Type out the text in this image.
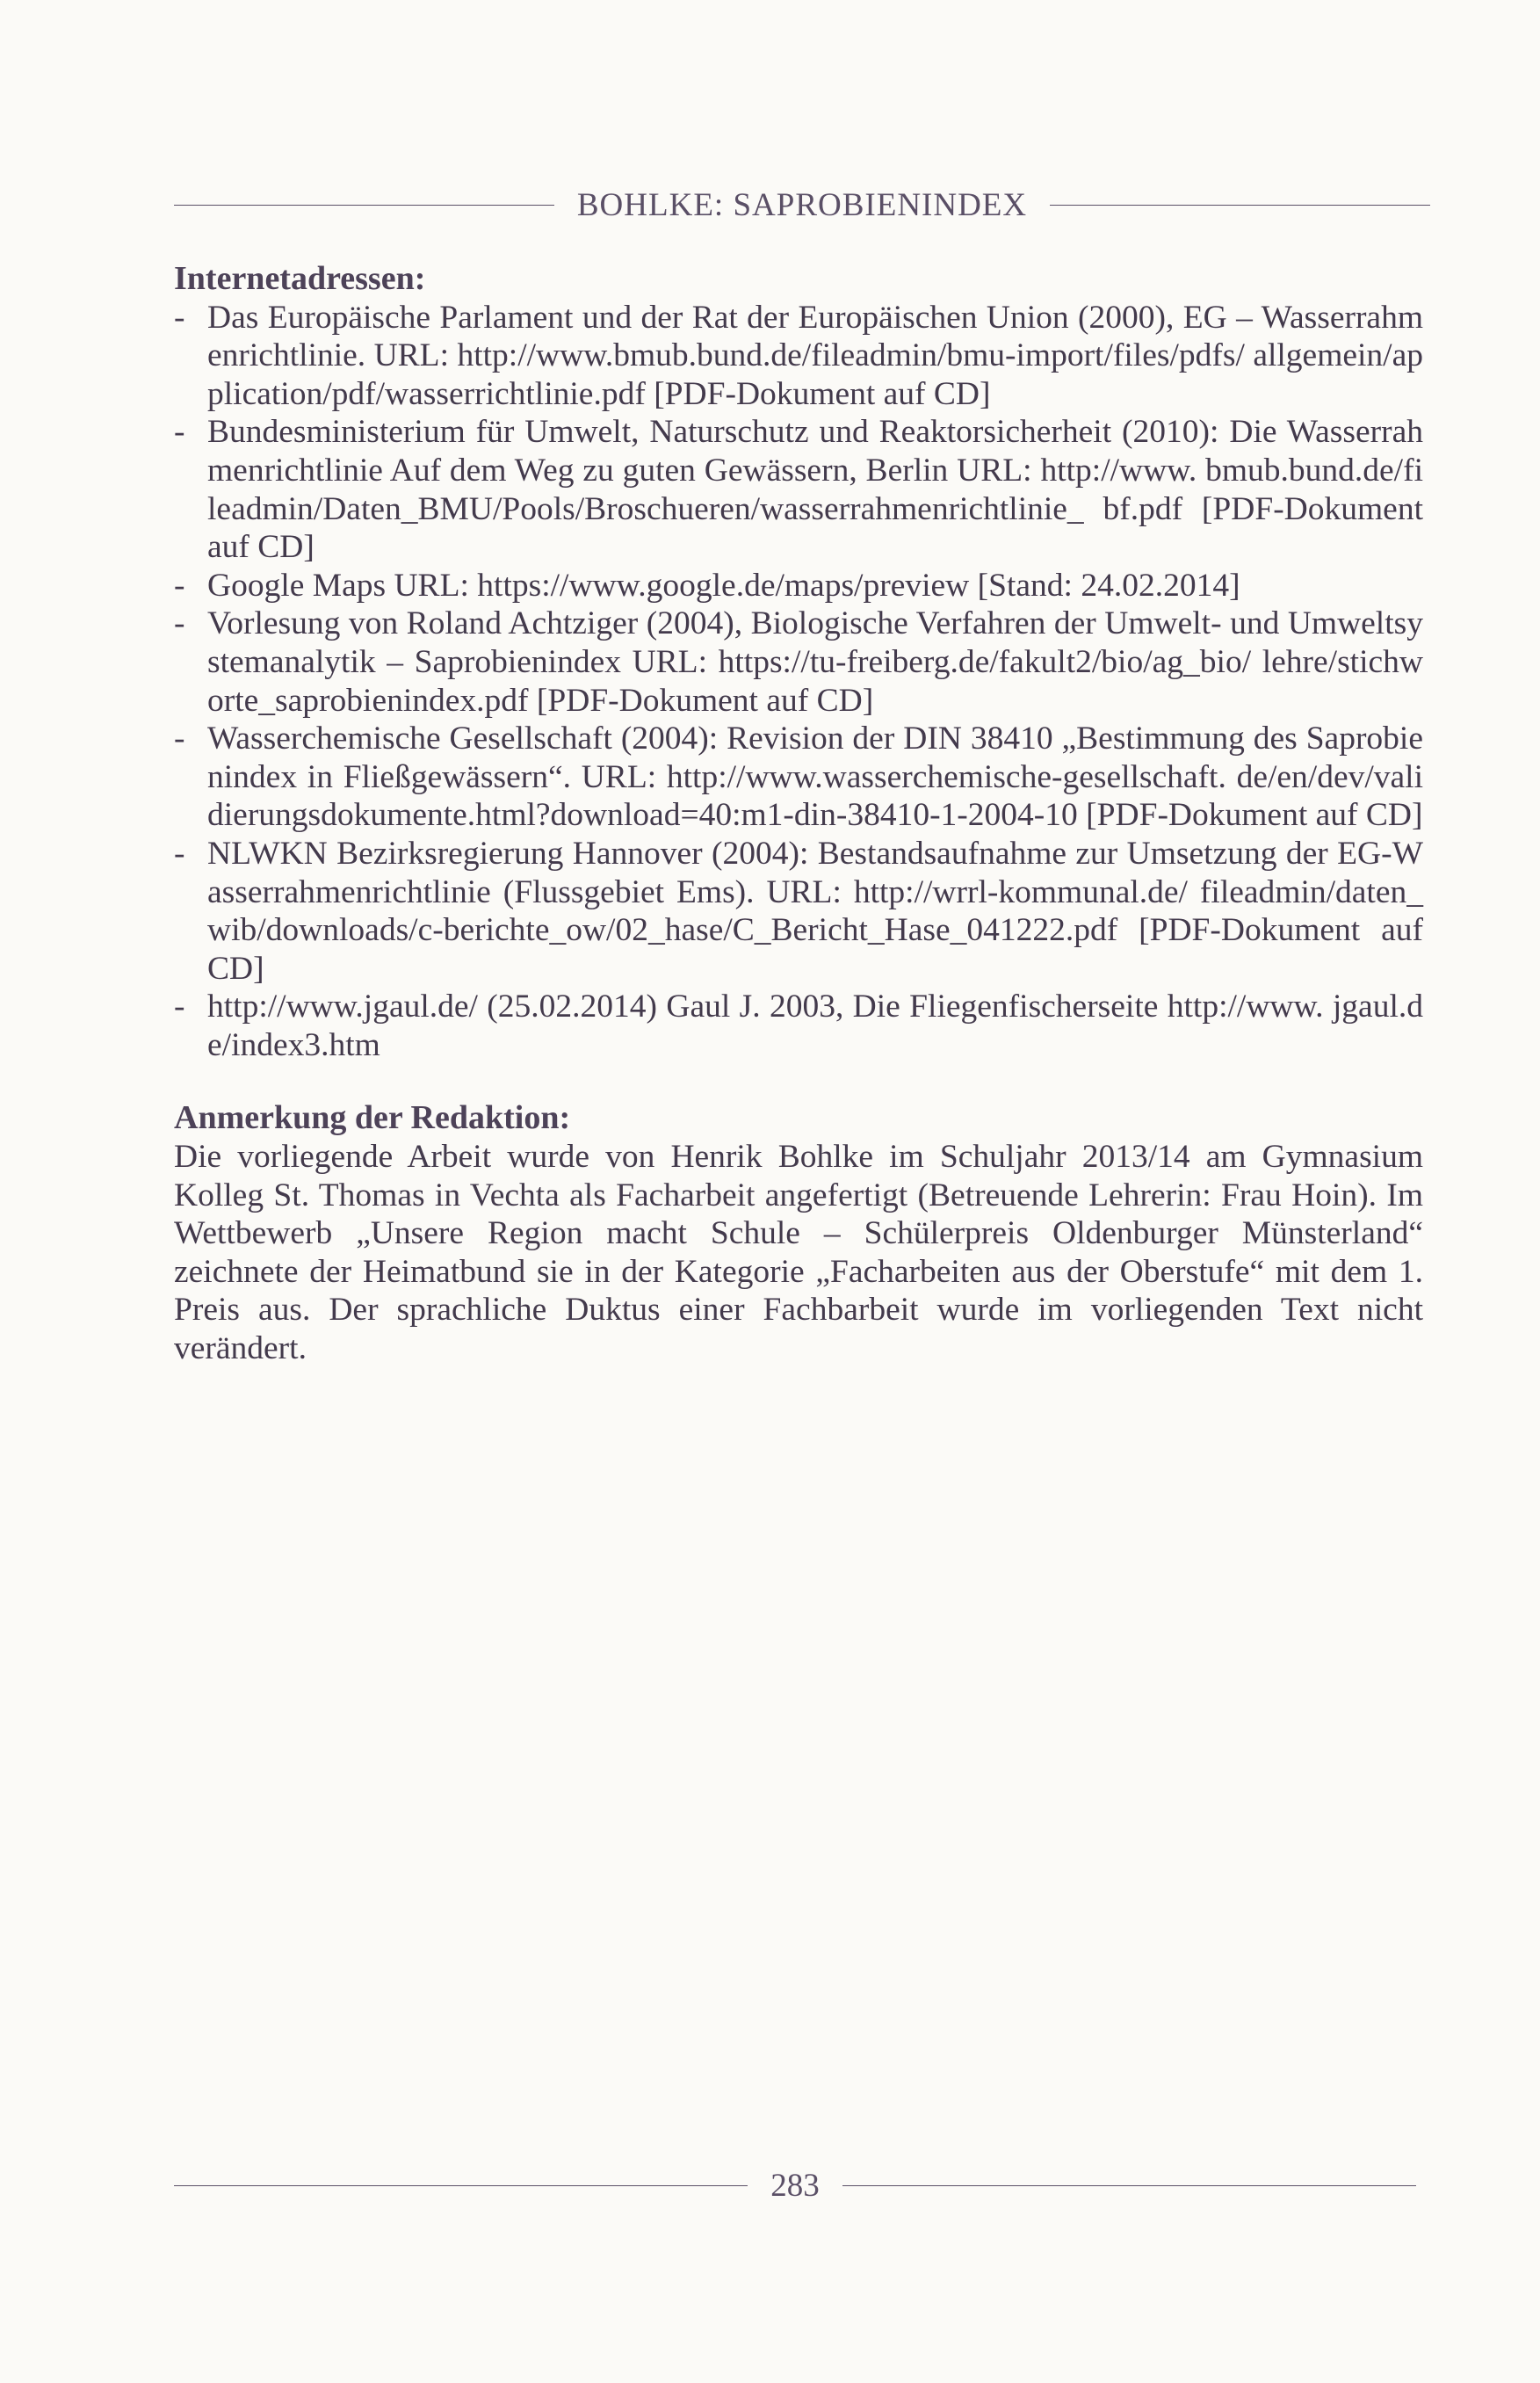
BOHLKE: SAPROBIENINDEX
Internetadressen:
- Das Europäische Parlament und der Rat der Europäischen Union (2000), EG – Wasserrahmenrichtlinie. URL: http://www.bmub.bund.de/fileadmin/bmu-import/files/pdfs/ allgemein/application/pdf/wasserrichtlinie.pdf [PDF-Dokument auf CD]
- Bundesministerium für Umwelt, Naturschutz und Reaktorsicherheit (2010): Die Wasserrahmenrichtlinie Auf dem Weg zu guten Gewässern, Berlin URL: http://www. bmub.bund.de/fileadmin/Daten_BMU/Pools/Broschueren/wasserrahmenrichtlinie_ bf.pdf [PDF-Dokument auf CD]
- Google Maps URL: https://www.google.de/maps/preview [Stand: 24.02.2014]
- Vorlesung von Roland Achtziger (2004), Biologische Verfahren der Umwelt- und Umweltsystemanalytik – Saprobienindex URL: https://tu-freiberg.de/fakult2/bio/ag_bio/ lehre/stichworte_saprobienindex.pdf [PDF-Dokument auf CD]
- Wasserchemische Gesellschaft (2004): Revision der DIN 38410 „Bestimmung des Saprobienindex in Fließgewässern“. URL: http://www.wasserchemische-gesellschaft. de/en/dev/validierungsdokumente.html?download=40:m1-din-38410-1-2004-10 [PDF-Dokument auf CD]
- NLWKN Bezirksregierung Hannover (2004): Bestandsaufnahme zur Umsetzung der EG-Wasserrahmenrichtlinie (Flussgebiet Ems). URL: http://wrrl-kommunal.de/ fileadmin/daten_wib/downloads/c-berichte_ow/02_hase/C_Bericht_Hase_041222.pdf [PDF-Dokument auf CD]
- http://www.jgaul.de/ (25.02.2014) Gaul J. 2003, Die Fliegenfischerseite http://www. jgaul.de/index3.htm
Anmerkung der Redaktion:

Die vorliegende Arbeit wurde von Henrik Bohlke im Schuljahr 2013/14 am Gymnasium Kolleg St. Thomas in Vechta als Facharbeit angefertigt (Betreuende Lehrerin: Frau Hoin). Im Wettbewerb „Unsere Region macht Schule – Schülerpreis Oldenburger Münsterland“ zeichnete der Heimatbund sie in der Kategorie „Facharbeiten aus der Oberstufe“ mit dem 1. Preis aus. Der sprachliche Duktus einer Fachbarbeit wurde im vorliegenden Text nicht verändert.

283
